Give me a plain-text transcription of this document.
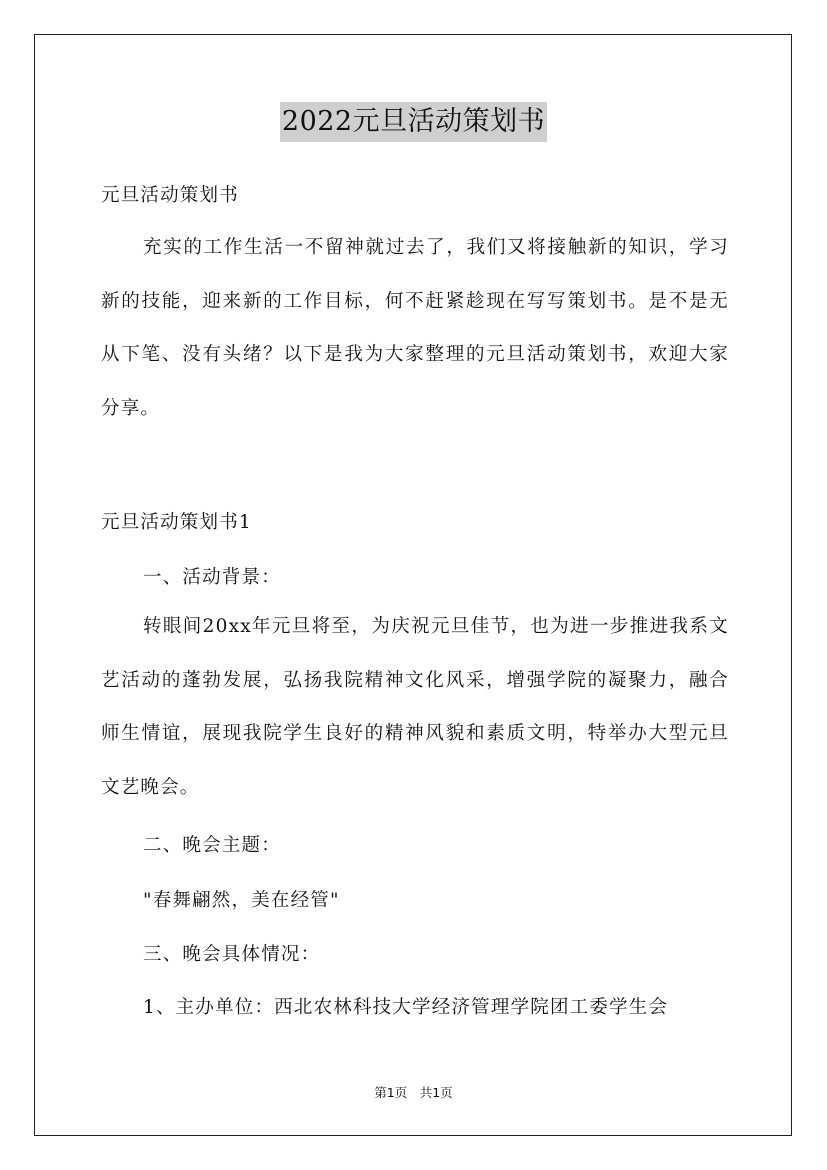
2022元旦活动策划书
元旦活动策划书
充实的工作生活一不留神就过去了，我们又将接触新的知识，学习新的技能，迎来新的工作目标，何不赶紧趁现在写写策划书。是不是无从下笔、没有头绪？以下是我为大家整理的元旦活动策划书，欢迎大家分享。
元旦活动策划书1
一、活动背景：
转眼间20xx年元旦将至，为庆祝元旦佳节，也为进一步推进我系文艺活动的蓬勃发展，弘扬我院精神文化风采，增强学院的凝聚力，融合师生情谊，展现我院学生良好的精神风貌和素质文明，特举办大型元旦文艺晚会。
二、晚会主题：
"春舞翩然，美在经管"
三、晚会具体情况：
1、主办单位：西北农林科技大学经济管理学院团工委学生会
第1页　共1页
